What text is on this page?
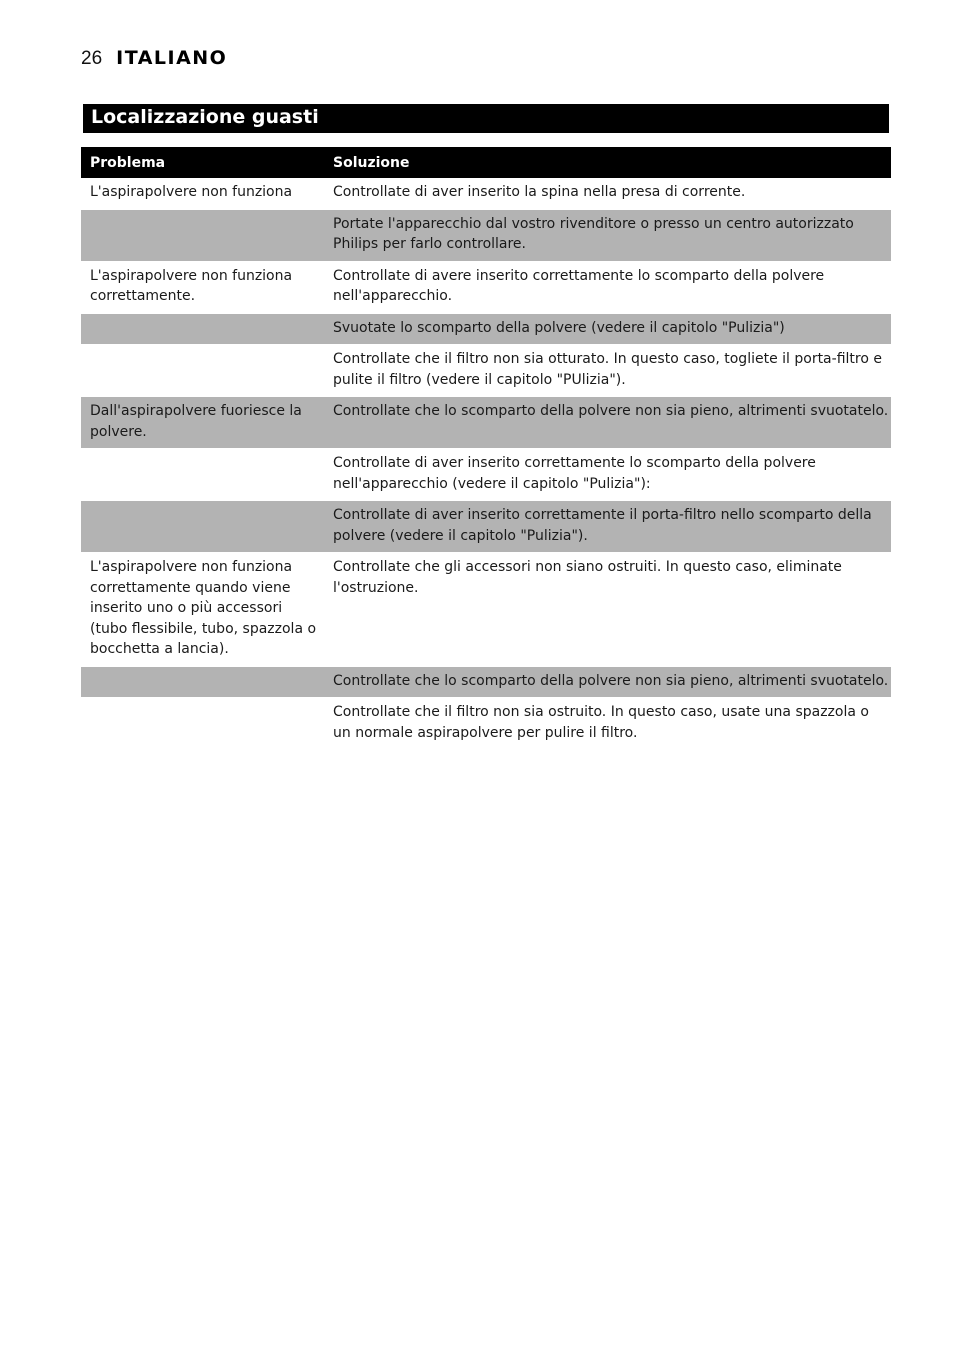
26 ITALIANO
Localizzazione guasti
Problema	Soluzione
L'aspirapolvere non funziona	Controllate di aver inserito la spina nella presa di corrente.
	Portate l'apparecchio dal vostro rivenditore o presso un centro autorizzato Philips per farlo controllare.
L'aspirapolvere non funziona correttamente.	Controllate di avere inserito correttamente lo scomparto della polvere nell'apparecchio.
	Svuotate lo scomparto della polvere (vedere il capitolo "Pulizia")
	Controllate che il filtro non sia otturato. In questo caso, togliete il porta-filtro e pulite il filtro (vedere il capitolo "PUlizia").
Dall'aspirapolvere fuoriesce la polvere.	Controllate che lo scomparto della polvere non sia pieno, altrimenti svuotatelo.
	Controllate di aver inserito correttamente lo scomparto della polvere nell'apparecchio (vedere il capitolo "Pulizia"):
	Controllate di aver inserito correttamente il porta-filtro nello scomparto della polvere (vedere il capitolo "Pulizia").
L'aspirapolvere non funziona correttamente quando viene inserito uno o più accessori (tubo flessibile, tubo, spazzola o bocchetta a lancia).	Controllate che gli accessori non siano ostruiti. In questo caso, eliminate l'ostruzione.
	Controllate che lo scomparto della polvere non sia pieno, altrimenti svuotatelo.
	Controllate che il filtro non sia ostruito. In questo caso, usate una spazzola o un normale aspirapolvere per pulire il filtro.
